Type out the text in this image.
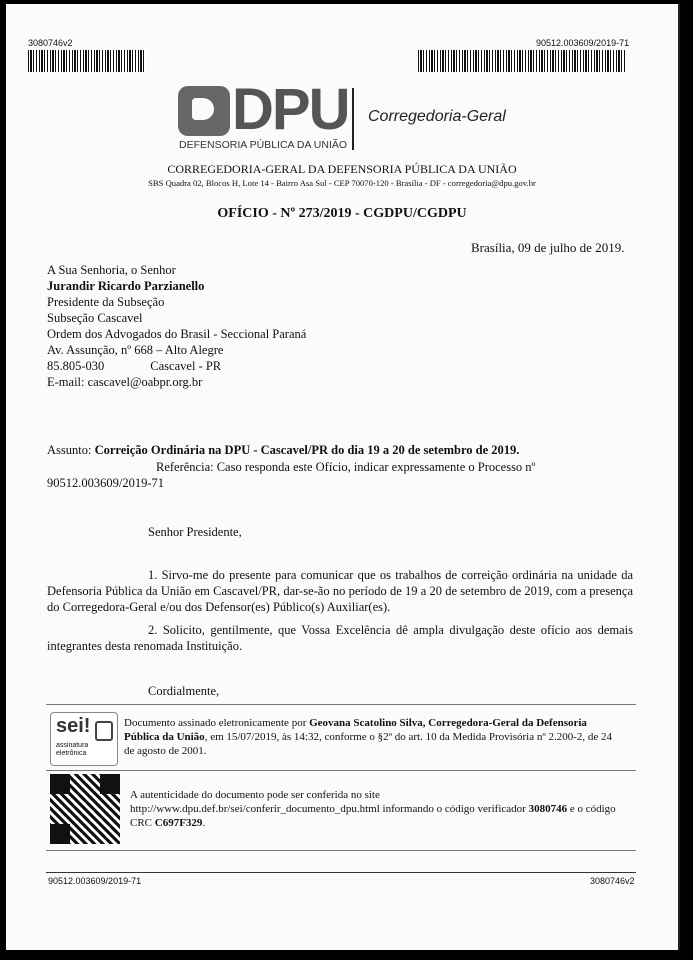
3080746v2	90512.003609/2019-71
DPU
DEFENSORIA PÚBLICA DA UNIÃO
Corregedoria-Geral
CORREGEDORIA-GERAL DA DEFENSORIA PÚBLICA DA UNIÃO
SBS Quadra 02, Blocos H, Lote 14 - Bairro Asa Sul - CEP 70070-120 - Brasília - DF - corregedoria@dpu.gov.br
OFÍCIO - Nº 273/2019 - CGDPU/CGDPU
Brasília, 09 de julho de 2019.
A Sua Senhoria, o Senhor
Jurandir Ricardo Parzianello
Presidente da Subseção
Subseção Cascavel
Ordem dos Advogados do Brasil - Seccional Paraná
Av. Assunção, nº 668 – Alto Alegre
85.805-030	Cascavel - PR
E-mail: cascavel@oabpr.org.br
Assunto: Correição Ordinária na DPU - Cascavel/PR do dia 19 a 20 de setembro de 2019.
Referência: Caso responda este Ofício, indicar expressamente o Processo nº
90512.003609/2019-71
Senhor Presidente,
1. Sirvo-me do presente para comunicar que os trabalhos de correição ordinária na unidade da Defensoria Pública da União em Cascavel/PR, dar-se-ão no período de 19 a 20 de setembro de 2019, com a presença do Corregedora-Geral e/ou dos Defensor(es) Público(s) Auxiliar(es).
2. Solicito, gentilmente, que Vossa Excelência dê ampla divulgação deste ofício aos demais integrantes desta renomada Instituição.
Cordialmente,
sei!
assinatura
eletrônica
Documento assinado eletronicamente por Geovana Scatolino Silva, Corregedora-Geral da Defensoria Pública da União, em 15/07/2019, às 14:32, conforme o §2º do art. 10 da Medida Provisória nº 2.200-2, de 24 de agosto de 2001.
A autenticidade do documento pode ser conferida no site http://www.dpu.def.br/sei/conferir_documento_dpu.html informando o código verificador 3080746 e o código CRC C697F329.
90512.003609/2019-71	3080746v2
